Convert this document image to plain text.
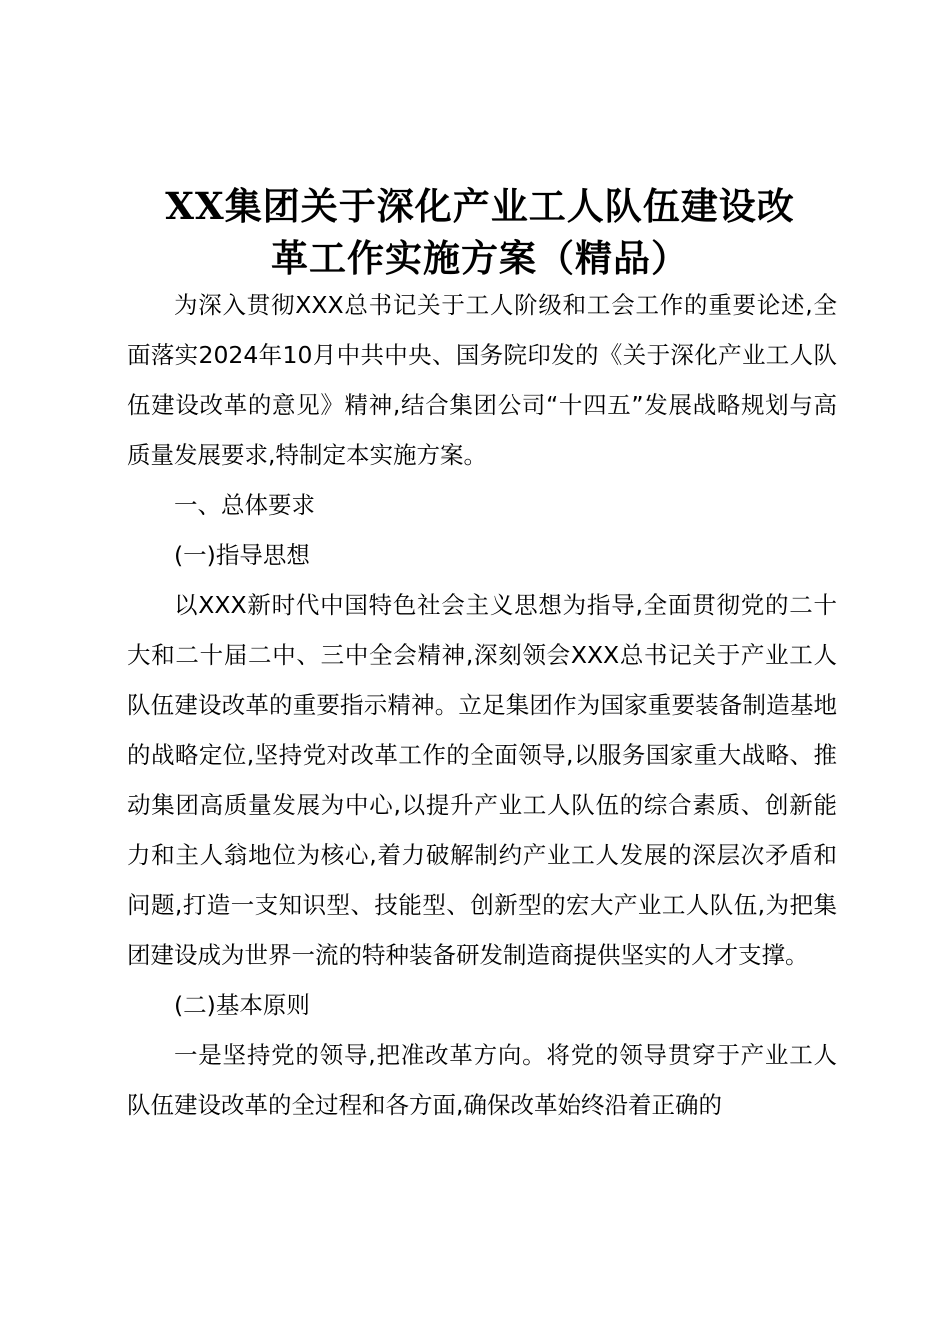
XX集团关于深化产业工人队伍建设改
革工作实施方案（精品）

为深入贯彻XXX总书记关于工人阶级和工会工作的重要论述,全面落实2024年10月中共中央、国务院印发的《关于深化产业工人队伍建设改革的意见》精神,结合集团公司“十四五”发展战略规划与高质量发展要求,特制定本实施方案。

一、总体要求

(一)指导思想

以XXX新时代中国特色社会主义思想为指导,全面贯彻党的二十大和二十届二中、三中全会精神,深刻领会XXX总书记关于产业工人队伍建设改革的重要指示精神。立足集团作为国家重要装备制造基地的战略定位,坚持党对改革工作的全面领导,以服务国家重大战略、推动集团高质量发展为中心,以提升产业工人队伍的综合素质、创新能力和主人翁地位为核心,着力破解制约产业工人发展的深层次矛盾和问题,打造一支知识型、技能型、创新型的宏大产业工人队伍,为把集团建设成为世界一流的特种装备研发制造商提供坚实的人才支撑。

(二)基本原则

一是坚持党的领导,把准改革方向。将党的领导贯穿于产业工人队伍建设改革的全过程和各方面,确保改革始终沿着正确的
